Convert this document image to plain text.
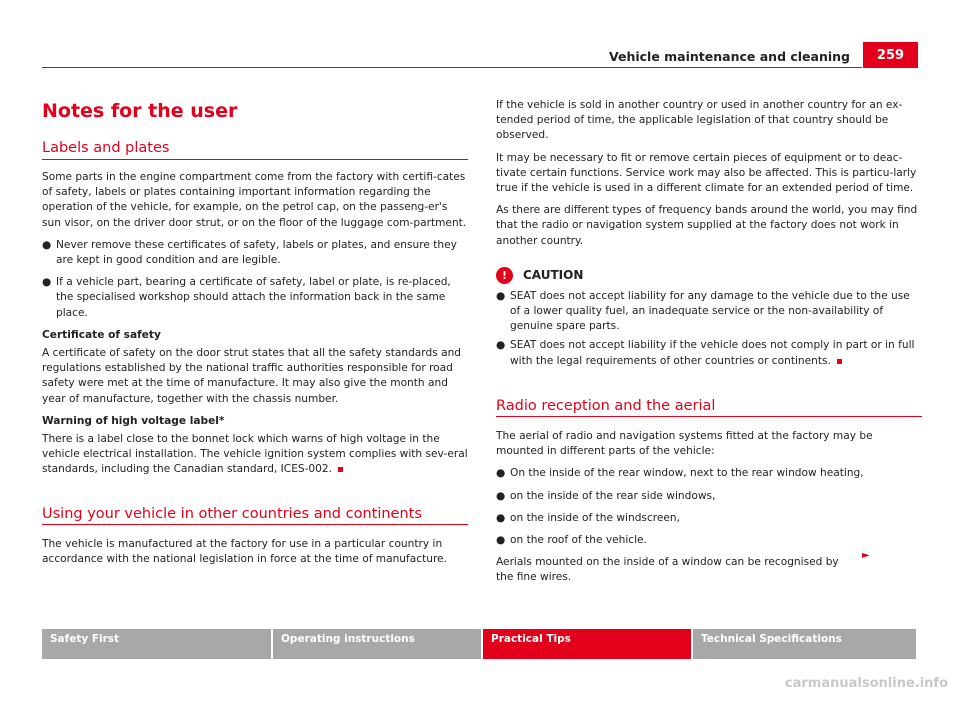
Vehicle maintenance and cleaning	259
Notes for the user
Labels and plates

Some parts in the engine compartment come from the factory with certifi-cates of safety, labels or plates containing important information regarding the operation of the vehicle, for example, on the petrol cap, on the passeng-er's sun visor, on the driver door strut, or on the floor of the luggage com-partment.

● Never remove these certificates of safety, labels or plates, and ensure they are kept in good condition and are legible.
● If a vehicle part, bearing a certificate of safety, label or plate, is re-placed, the specialised workshop should attach the information back in the same place.

Certificate of safety

A certificate of safety on the door strut states that all the safety standards and regulations established by the national traffic authorities responsible for road safety were met at the time of manufacture. It may also give the month and year of manufacture, together with the chassis number.

Warning of high voltage label*

There is a label close to the bonnet lock which warns of high voltage in the vehicle electrical installation. The vehicle ignition system complies with sev-eral standards, including the Canadian standard, ICES-002.

Using your vehicle in other countries and continents

The vehicle is manufactured at the factory for use in a particular country in accordance with the national legislation in force at the time of manufacture.

If the vehicle is sold in another country or used in another country for an ex-tended period of time, the applicable legislation of that country should be observed.

It may be necessary to fit or remove certain pieces of equipment or to deac-tivate certain functions. Service work may also be affected. This is particu-larly true if the vehicle is used in a different climate for an extended period of time.

As there are different types of frequency bands around the world, you may find that the radio or navigation system supplied at the factory does not work in another country.

!	CAUTION
● SEAT does not accept liability for any damage to the vehicle due to the use of a lower quality fuel, an inadequate service or the non-availability of genuine spare parts.
● SEAT does not accept liability if the vehicle does not comply in part or in full with the legal requirements of other countries or continents.
Radio reception and the aerial

The aerial of radio and navigation systems fitted at the factory may be mounted in different parts of the vehicle:

● On the inside of the rear window, next to the rear window heating,
● on the inside of the rear side windows,
● on the inside of the windscreen,
● on the roof of the vehicle.

Aerials mounted on the inside of a window can be recognised by the fine wires.

►
Safety First	Operating instructions	Practical Tips	Technical Specifications
carmanualsonline.info
